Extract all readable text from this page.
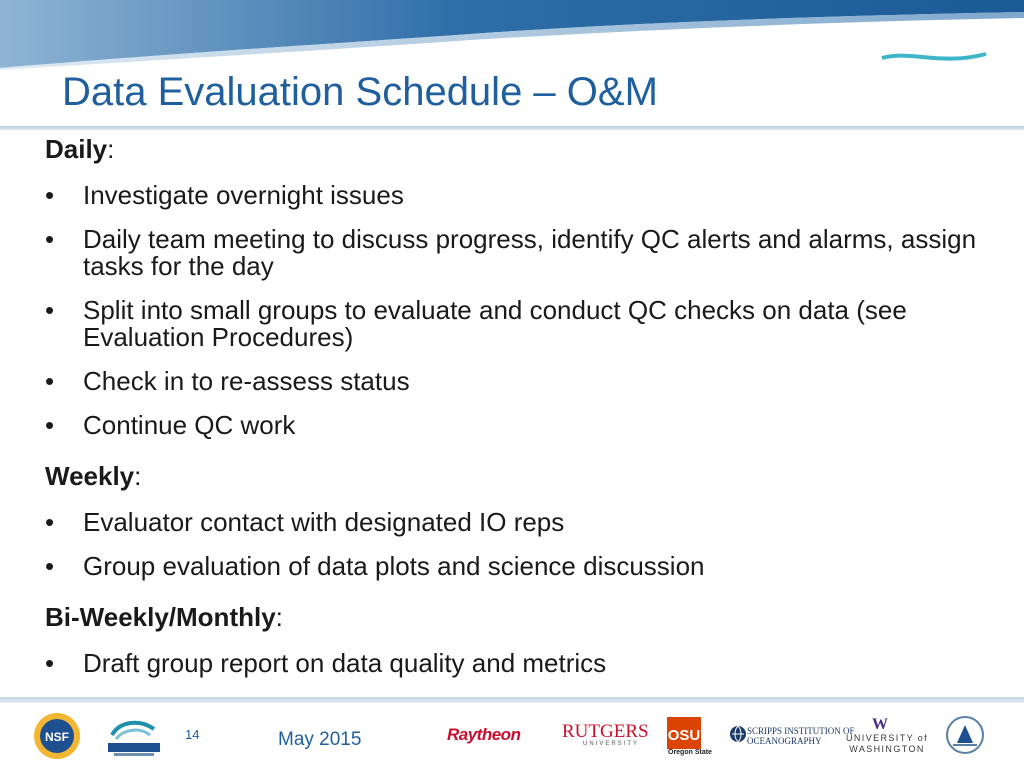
OOI
Data Evaluation Schedule – O&M
Daily:
• Investigate overnight issues
• Daily team meeting to discuss progress, identify QC alerts and alarms, assign tasks for the day
• Split into small groups to evaluate and conduct QC checks on data (see Evaluation Procedures)
• Check in to re-assess status
• Continue QC work
Weekly:
• Evaluator contact with designated IO reps
• Group evaluation of data plots and science discussion
Bi-Weekly/Monthly:
• Draft group report on data quality and metrics
NSF	14	May 2015	Raytheon RUTGERS
UNIVERSITY OSU
Oregon State
SCRIPPS INSTITUTION OF
OCEANOGRAPHY
W
UNIVERSITY of
WASHINGTON
